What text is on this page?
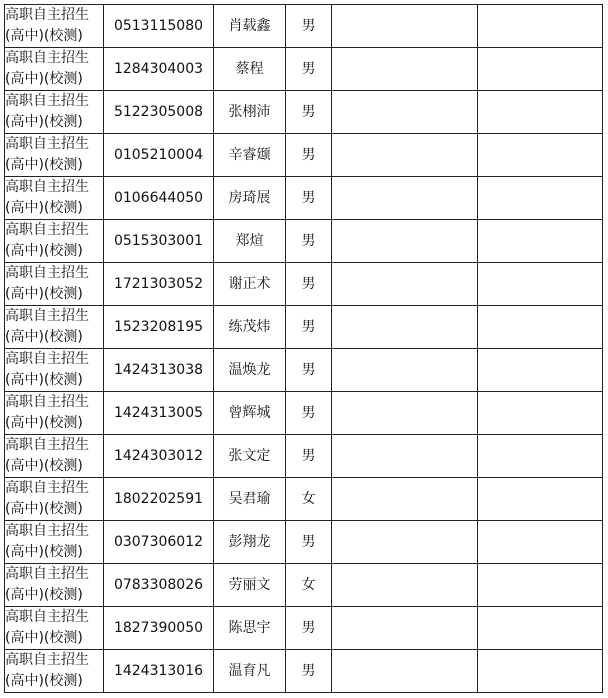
高职自主招生
(高中)(校测)	0513115080	肖载鑫	男		

高职自主招生
(高中)(校测)	1284304003	蔡程	男		

高职自主招生
(高中)(校测)	5122305008	张栩沛	男		

高职自主招生
(高中)(校测)	0105210004	辛睿颋	男		

高职自主招生
(高中)(校测)	0106644050	房琦展	男		

高职自主招生
(高中)(校测)	0515303001	郑煊	男		

高职自主招生
(高中)(校测)	1721303052	谢正术	男		

高职自主招生
(高中)(校测)	1523208195	练茂炜	男		

高职自主招生
(高中)(校测)	1424313038	温焕龙	男		

高职自主招生
(高中)(校测)	1424313005	曾辉城	男		

高职自主招生
(高中)(校测)	1424303012	张文定	男		

高职自主招生
(高中)(校测)	1802202591	吴君瑜	女		

高职自主招生
(高中)(校测)	0307306012	彭翔龙	男		

高职自主招生
(高中)(校测)	0783308026	劳丽文	女		

高职自主招生
(高中)(校测)	1827390050	陈思宇	男		

高职自主招生
(高中)(校测)	1424313016	温育凡	男		
